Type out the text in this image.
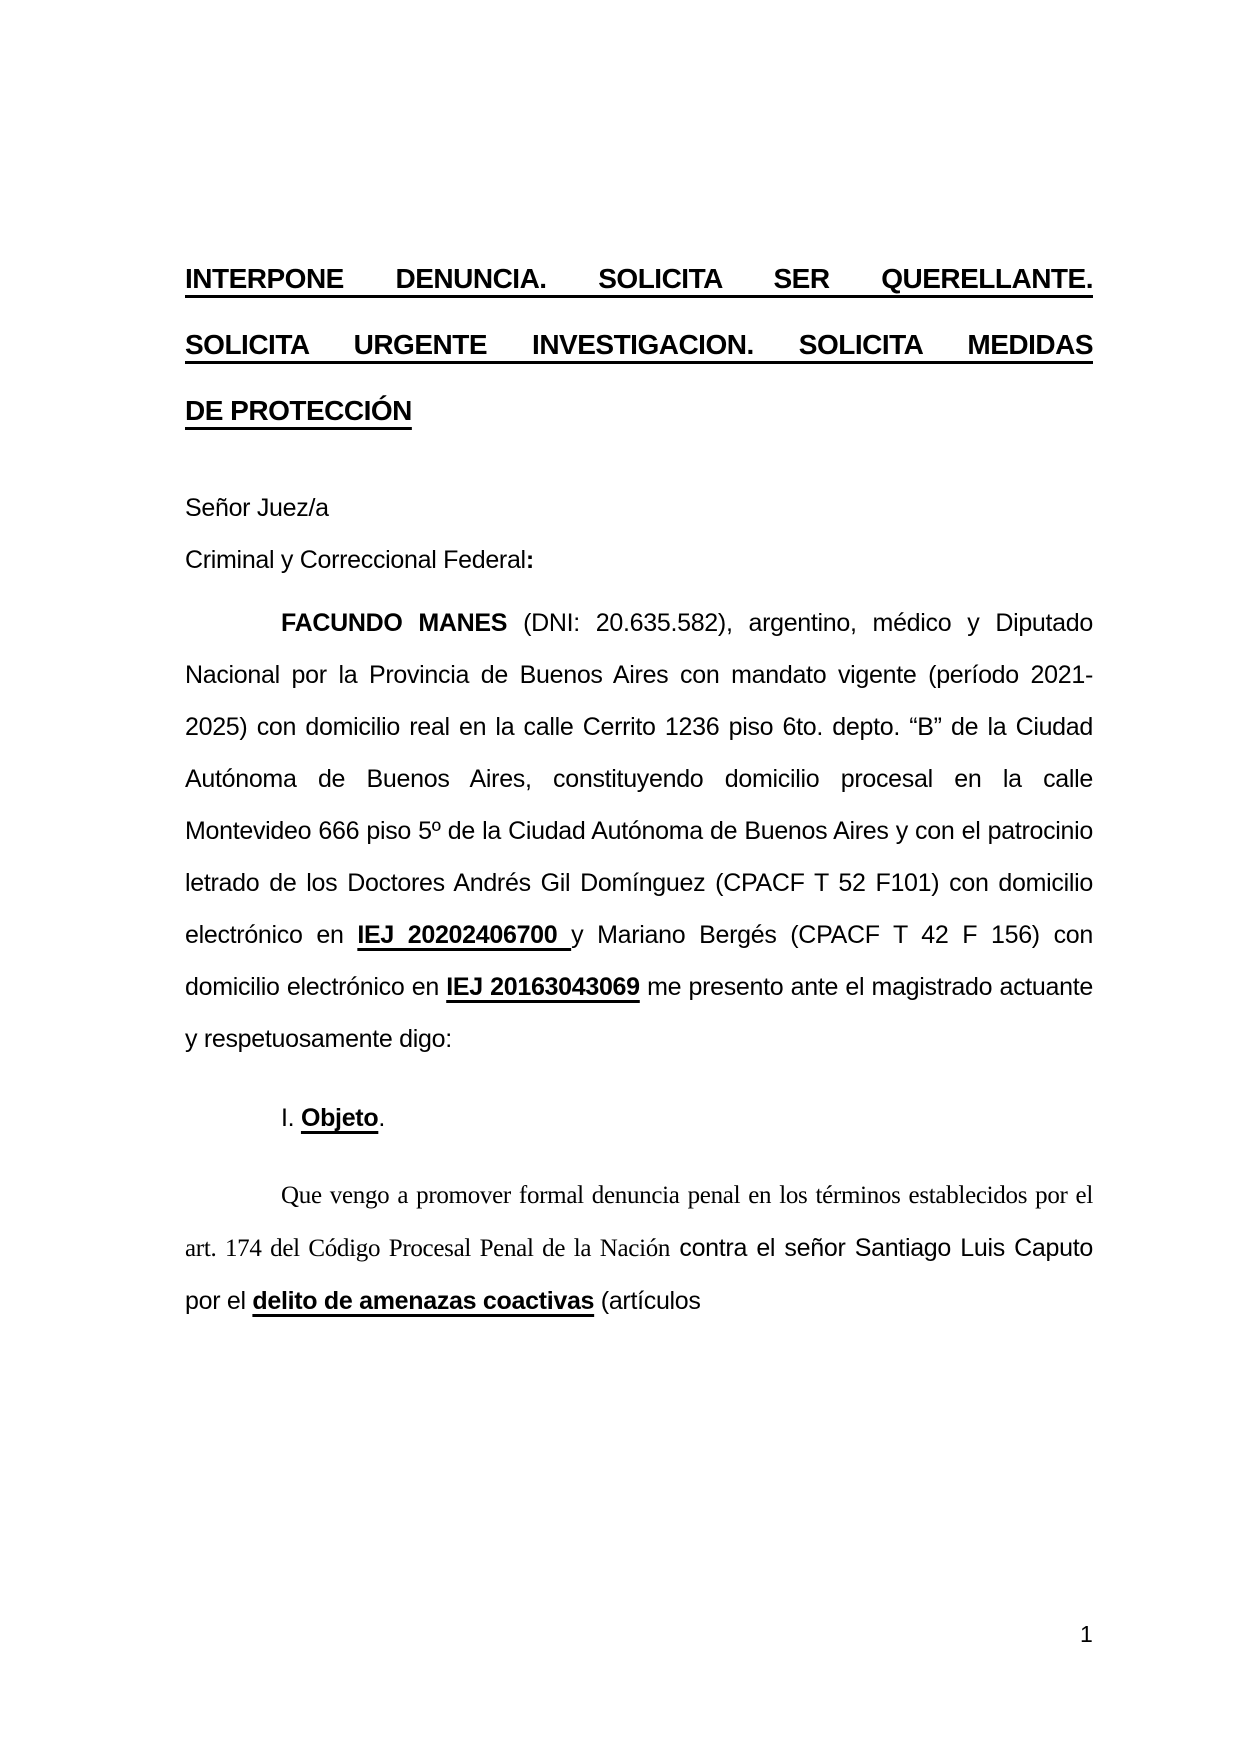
INTERPONE DENUNCIA. SOLICITA SER QUERELLANTE.
SOLICITA URGENTE INVESTIGACION. SOLICITA MEDIDAS
DE PROTECCIÓN

Señor Juez/a

Criminal y Correccional Federal:

FACUNDO MANES (DNI: 20.635.582), argentino, médico y Diputado Nacional por la Provincia de Buenos Aires con mandato vigente (período 2021-2025) con domicilio real en la calle Cerrito 1236 piso 6to. depto. “B” de la Ciudad Autónoma de Buenos Aires, constituyendo domicilio procesal en la calle Montevideo 666 piso 5º de la Ciudad Autónoma de Buenos Aires y con el patrocinio letrado de los Doctores Andrés Gil Domínguez (CPACF T 52 F101) con domicilio electrónico en IEJ 20202406700 y Mariano Bergés (CPACF T 42 F 156) con domicilio electrónico en IEJ 20163043069 me presento ante el magistrado actuante y respetuosamente digo:

I. Objeto.

Que vengo a promover formal denuncia penal en los términos establecidos por el art. 174 del Código Procesal Penal de la Nación contra el señor Santiago Luis Caputo por el delito de amenazas coactivas (artículos

1
